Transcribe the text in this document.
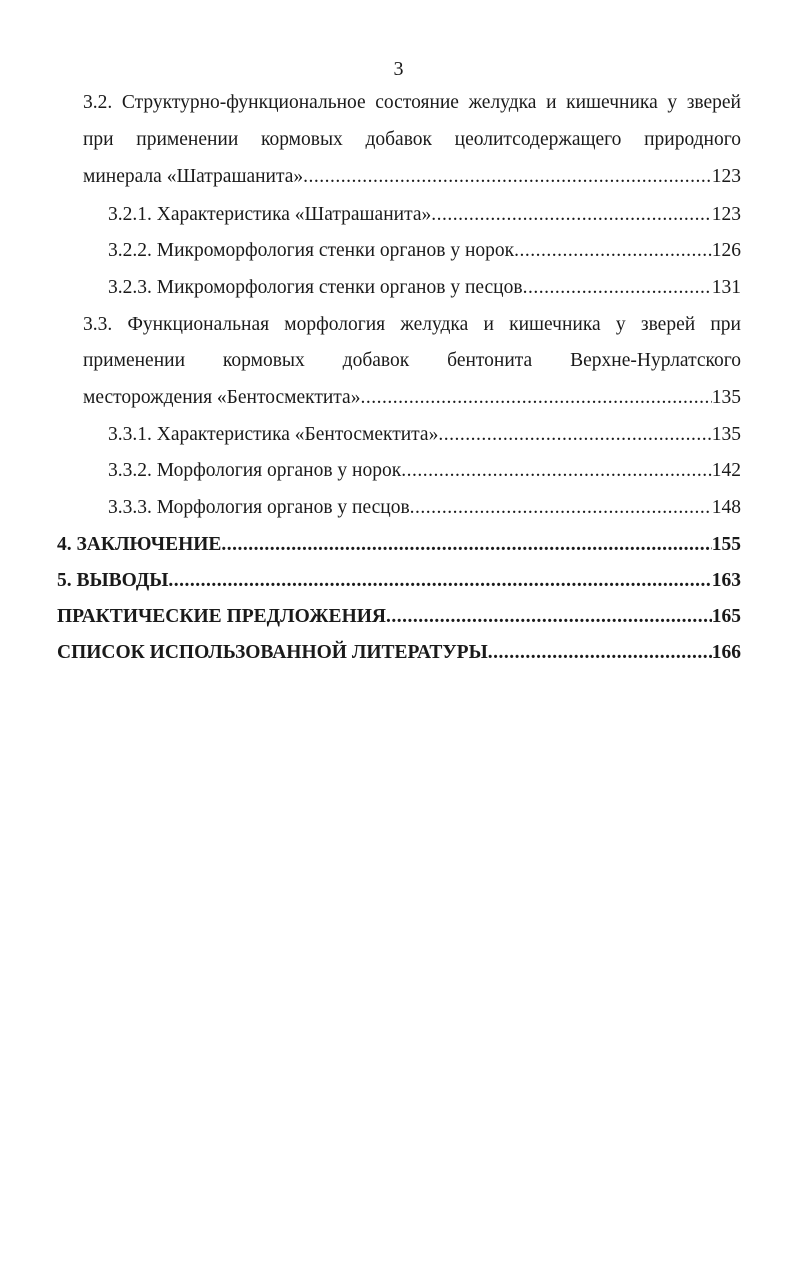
3
3.2. Структурно-функциональное состояние желудка и кишечника у зверей
при применении кормовых добавок цеолитсодержащего природного
минерала «Шатрашанита» .....	123
3.2.1. Характеристика «Шатрашанита» .....	123
3.2.2. Микроморфология стенки органов у норок .....	126
3.2.3. Микроморфология стенки органов у песцов .....	131
3.3. Функциональная морфология желудка и кишечника у зверей при
применении кормовых добавок бентонита Верхне-Нурлатского
месторождения «Бентосмектита» .....	135
3.3.1. Характеристика «Бентосмектита» .....	135
3.3.2. Морфология органов у норок .....	142
3.3.3. Морфология органов у песцов .....	148
4. ЗАКЛЮЧЕНИЕ .....	155
5. ВЫВОДЫ .....	163
ПРАКТИЧЕСКИЕ ПРЕДЛОЖЕНИЯ .....	165
СПИСОК ИСПОЛЬЗОВАННОЙ ЛИТЕРАТУРЫ .....	166
